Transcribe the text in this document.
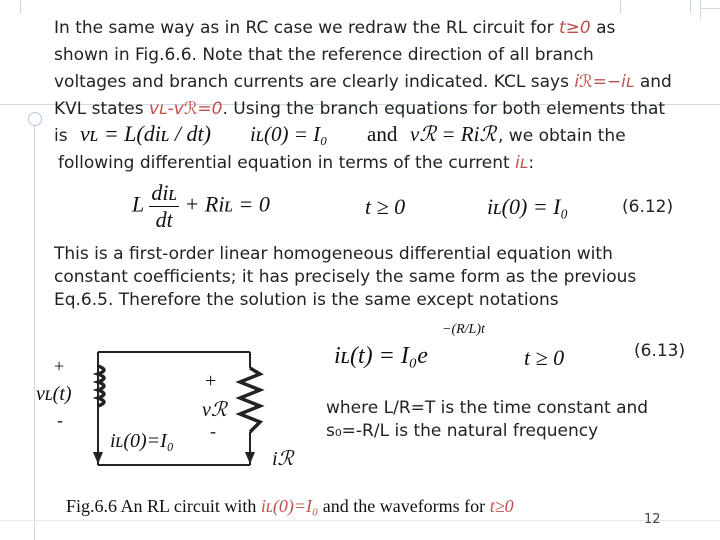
In the same way as in RC case we redraw the RL circuit for t≥0 as
shown in Fig.6.6. Note that the reference direction of all branch
voltages and branch currents are clearly indicated. KCL says iℛ=−iʟ and
KVL states vʟ-vℛ=0. Using the branch equations for both elements that
is vʟ = L(diʟ / dt) iʟ(0) = I₀ and vℛ = Riℛ , we obtain the
following differential equation in terms of the current iʟ:
L $\frac{\text{diʟ}}{dt}$ + Riʟ = 0	t ≥ 0	iʟ(0) = I₀	(6.12)
This is a first-order linear homogeneous differential equation with
constant coefficients; it has precisely the same form as the previous
Eq.6.5. Therefore the solution is the same except notations
iʟ(t) = I₀e
−(R/L)t
t ≥ 0	(6.13)
+
vʟ(t)
-
+
vℛ
-
iʟ(0)=I₀
iℛ
where L/R=T is the time constant and
s₀=-R/L is the natural frequency
Fig.6.6 An RL circuit with iʟ(0)=I₀ and the waveforms for t≥0
12
